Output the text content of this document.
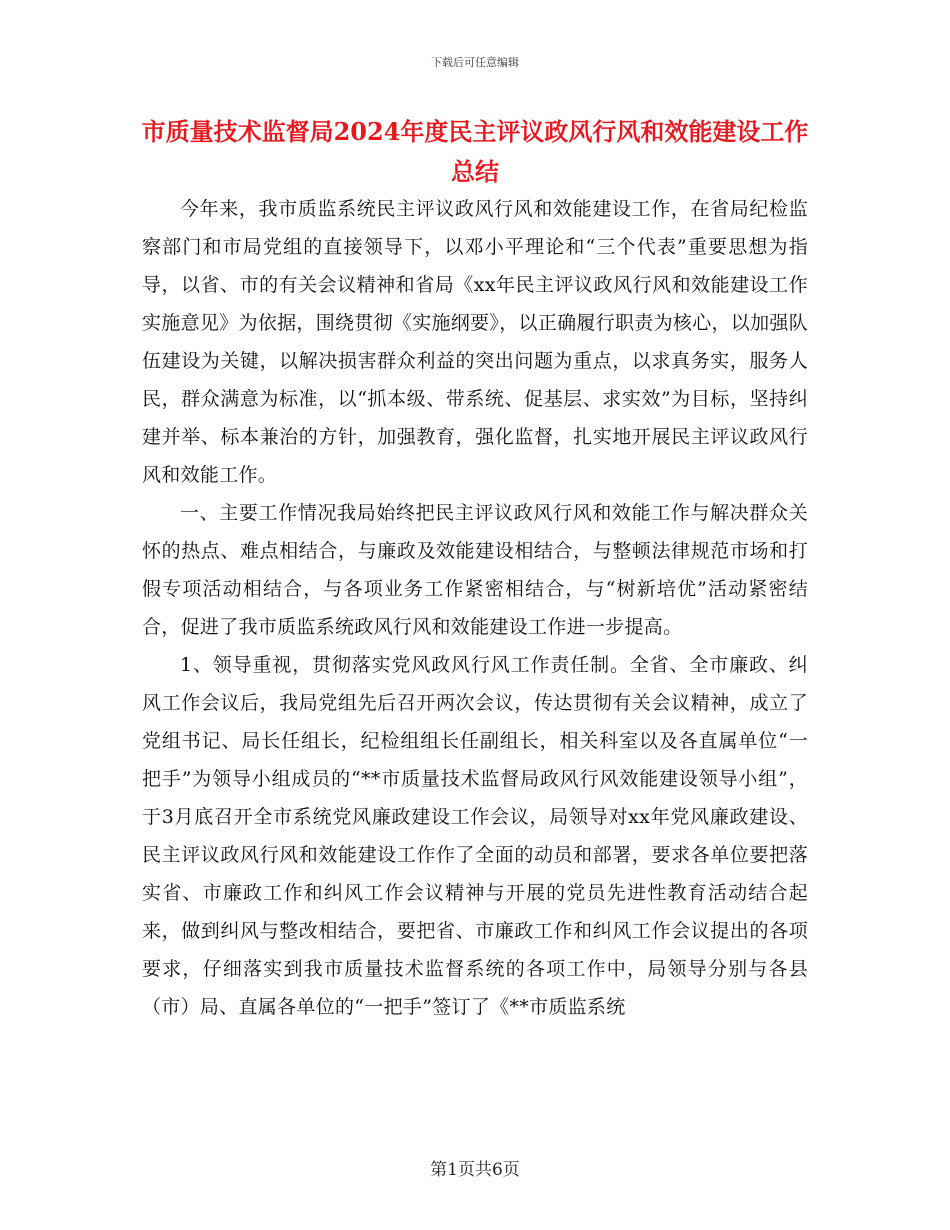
下载后可任意编辑
市质量技术监督局2024年度民主评议政风行风和效能建设工作总结

今年来，我市质监系统民主评议政风行风和效能建设工作，在省局纪检监察部门和市局党组的直接领导下，以邓小平理论和“三个代表”重要思想为指导，以省、市的有关会议精神和省局《xx年民主评议政风行风和效能建设工作实施意见》为依据，围绕贯彻《实施纲要》，以正确履行职责为核心，以加强队伍建设为关键，以解决损害群众利益的突出问题为重点，以求真务实，服务人民，群众满意为标准，以“抓本级、带系统、促基层、求实效”为目标，坚持纠建并举、标本兼治的方针，加强教育，强化监督，扎实地开展民主评议政风行风和效能工作。

一、主要工作情况我局始终把民主评议政风行风和效能工作与解决群众关怀的热点、难点相结合，与廉政及效能建设相结合，与整顿法律规范市场和打假专项活动相结合，与各项业务工作紧密相结合，与“树新培优”活动紧密结合，促进了我市质监系统政风行风和效能建设工作进一步提高。

1、领导重视，贯彻落实党风政风行风工作责任制。全省、全市廉政、纠风工作会议后，我局党组先后召开两次会议，传达贯彻有关会议精神，成立了党组书记、局长任组长，纪检组组长任副组长，相关科室以及各直属单位“一把手”为领导小组成员的“**市质量技术监督局政风行风效能建设领导小组”，于3月底召开全市系统党风廉政建设工作会议，局领导对xx年党风廉政建设、民主评议政风行风和效能建设工作作了全面的动员和部署，要求各单位要把落实省、市廉政工作和纠风工作会议精神与开展的党员先进性教育活动结合起来，做到纠风与整改相结合，要把省、市廉政工作和纠风工作会议提出的各项要求，仔细落实到我市质量技术监督系统的各项工作中，局领导分别与各县（市）局、直属各单位的“一把手”签订了《**市质监系统

第1页共6页
